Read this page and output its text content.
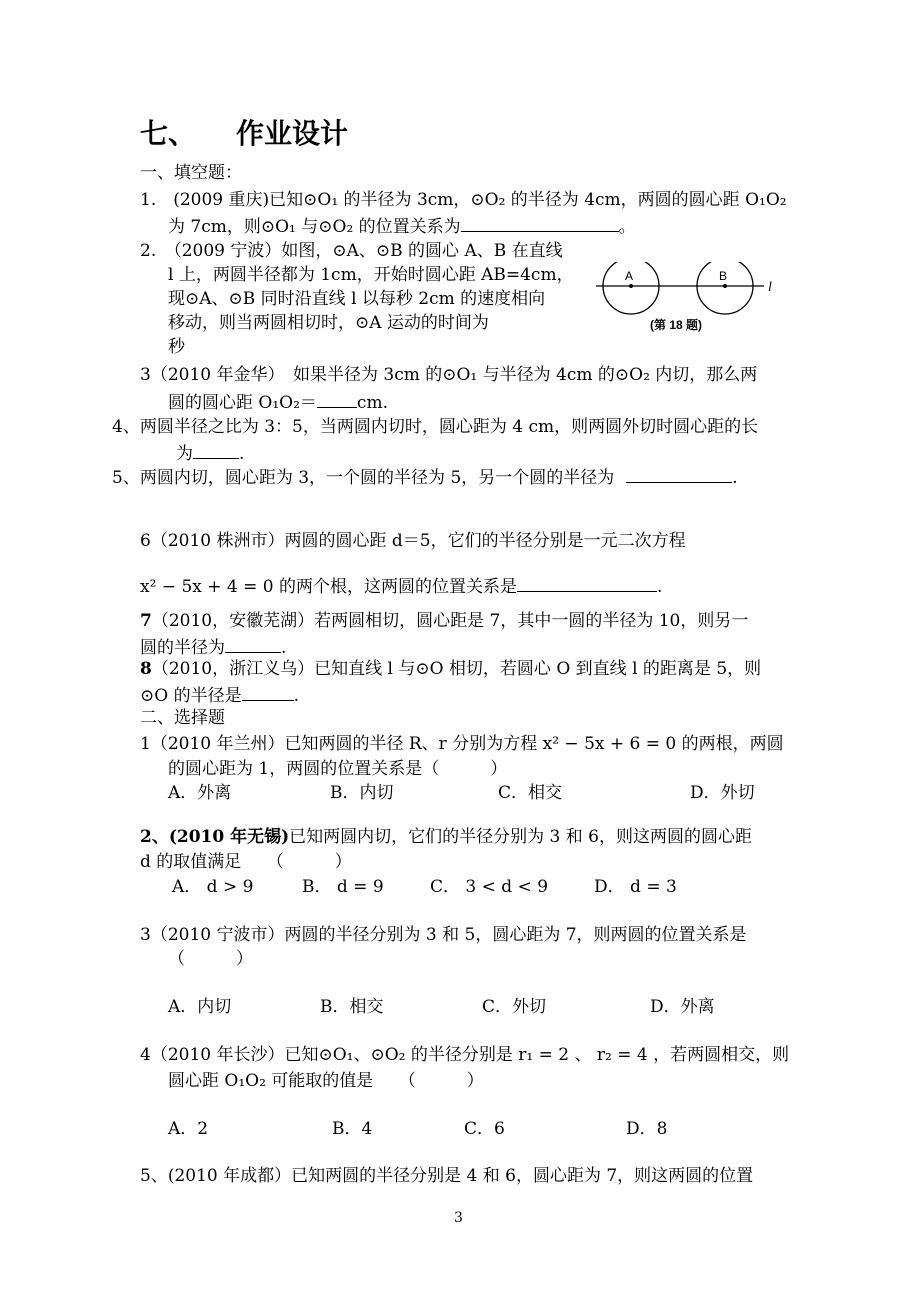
七、 作业设计
一、填空题：
1.　(2009 重庆)已知⊙O₁ 的半径为 3cm，⊙O₂ 的半径为 4cm，两圆的圆心距 O₁O₂
为 7cm，则⊙O₁ 与⊙O₂ 的位置关系为	。
2.　（2009 宁波）如图，⊙A、⊙B 的圆心 A、B 在直线
l 上，两圆半径都为 1cm，开始时圆心距 AB=4cm，
现⊙A、⊙B 同时沿直线 l 以每秒 2cm 的速度相向
移动，则当两圆相切时，⊙A 运动的时间为
秒
A	B
l
(第 18 题)
3（2010 年金华）　如果半径为 3cm 的⊙O₁ 与半径为 4cm 的⊙O₂ 内切，那么两
圆的圆心距 O₁O₂＝ cm.
4、两圆半径之比为 3：5，当两圆内切时，圆心距为 4 cm，则两圆外切时圆心距的长
为	.
5、两圆内切，圆心距为 3，一个圆的半径为 5，另一个圆的半径为	.
6（2010 株洲市）两圆的圆心距 d＝5，它们的半径分别是一元二次方程
x² − 5x + 4 = 0 的两个根，这两圆的位置关系是	.
7（2010，安徽芜湖）若两圆相切，圆心距是 7，其中一圆的半径为 10，则另一
圆的半径为	.
8（2010，浙江义乌）已知直线 l 与⊙O 相切，若圆心 O 到直线 l 的距离是 5，则
⊙O 的半径是	.
二、选择题
1（2010 年兰州）已知两圆的半径 R、r 分别为方程 x² − 5x + 6 = 0 的两根，两圆
的圆心距为 1，两圆的位置关系是（　　　）
A．外离	B．内切	C．相交	D．外切
2、(2010 年无锡)已知两圆内切，它们的半径分别为 3 和 6，则这两圆的圆心距
d 的取值满足　　（　　　）
A． d > 9	B． d = 9	C． 3 < d < 9	D． d = 3
3（2010 宁波市）两圆的半径分别为 3 和 5，圆心距为 7，则两圆的位置关系是
（　　　）
A．内切	B．相交	C．外切	D．外离
4（2010 年长沙）已知⊙O₁、⊙O₂ 的半径分别是 r₁ = 2 、 r₂ = 4 ，若两圆相交，则
圆心距 O₁O₂ 可能取的值是　　（　　　）
A．2	B．4	C．6	D．8
5、(2010 年成都）已知两圆的半径分别是 4 和 6，圆心距为 7，则这两圆的位置
3
